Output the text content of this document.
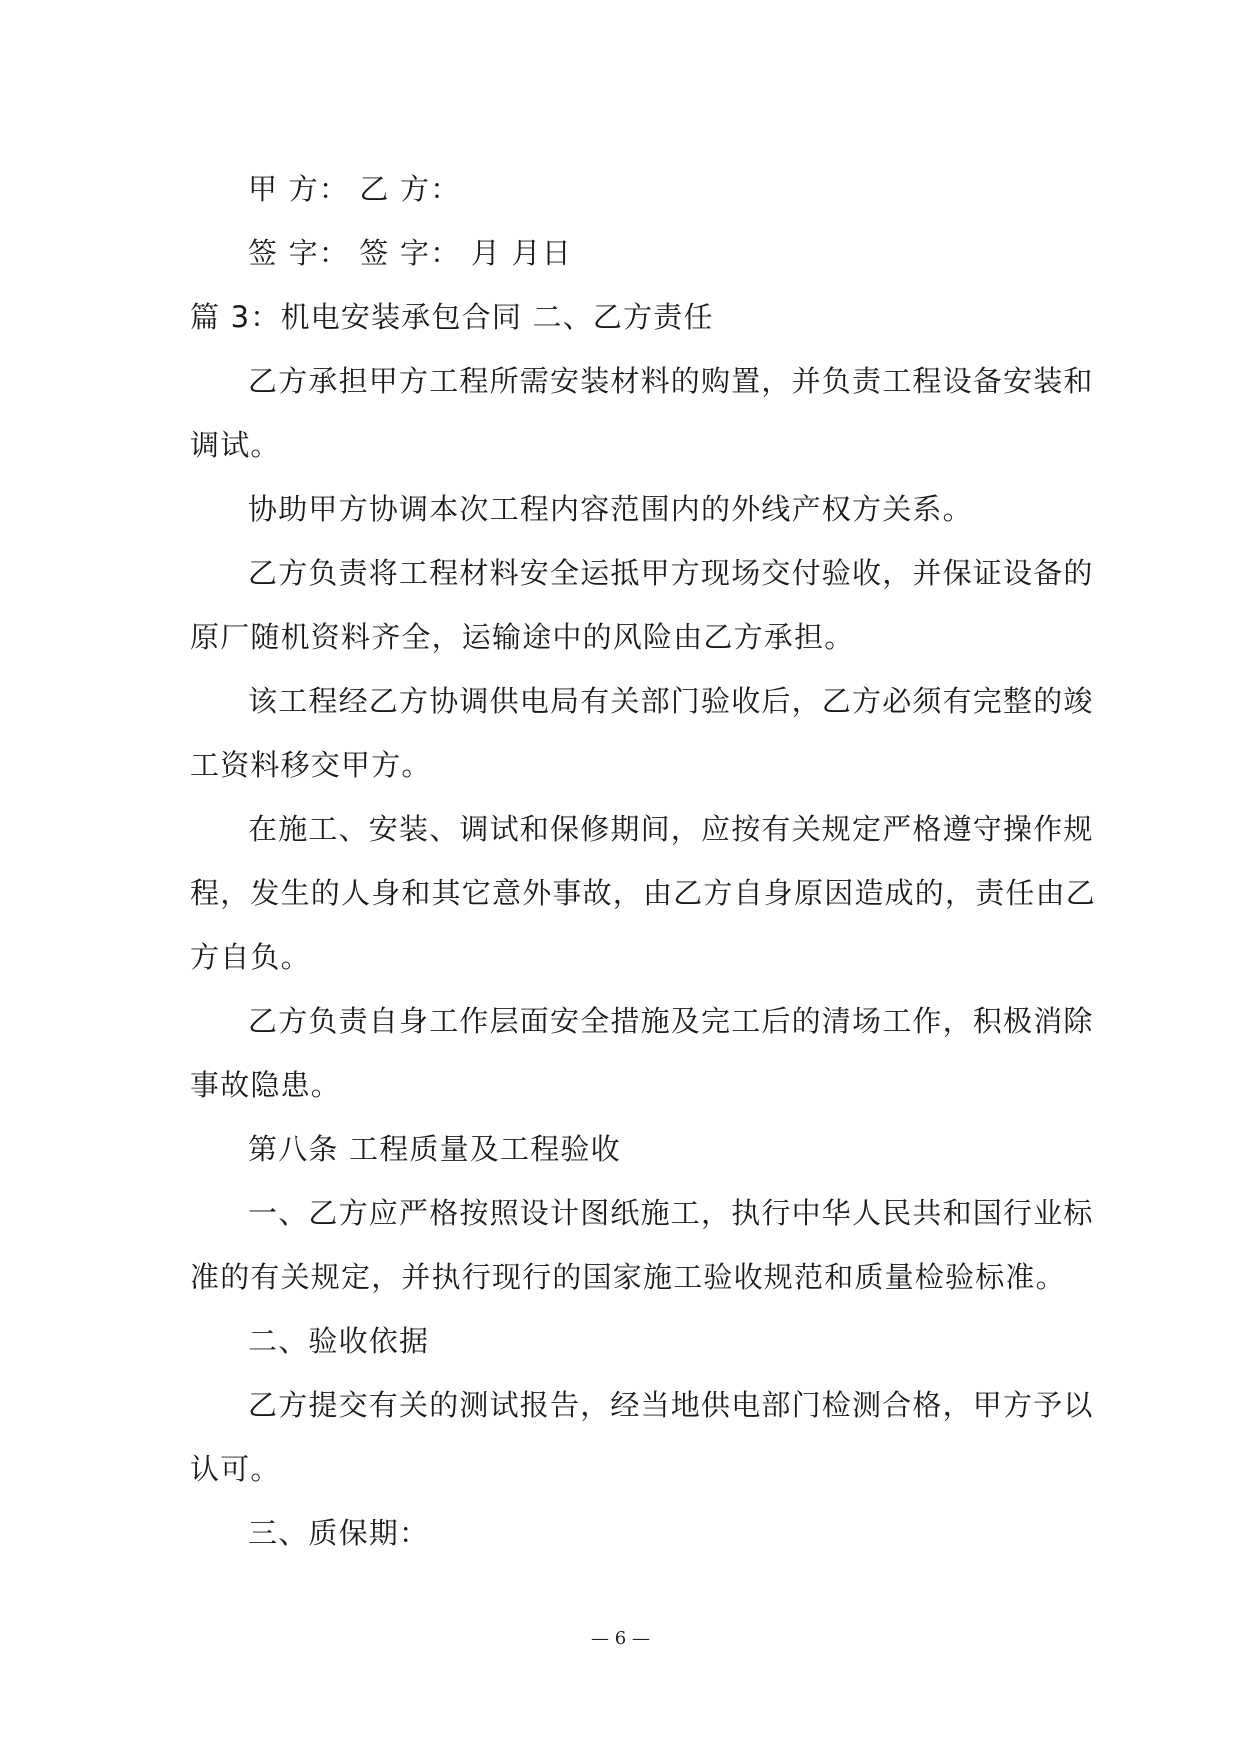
甲 方： 乙 方：
签 字： 签 字： 月 月日
篇 3：机电安装承包合同 二、乙方责任
乙方承担甲方工程所需安装材料的购置，并负责工程设备安装和
调试。
协助甲方协调本次工程内容范围内的外线产权方关系。
乙方负责将工程材料安全运抵甲方现场交付验收，并保证设备的
原厂随机资料齐全，运输途中的风险由乙方承担。
该工程经乙方协调供电局有关部门验收后，乙方必须有完整的竣
工资料移交甲方。
在施工、安装、调试和保修期间，应按有关规定严格遵守操作规
程，发生的人身和其它意外事故，由乙方自身原因造成的，责任由乙
方自负。
乙方负责自身工作层面安全措施及完工后的清场工作，积极消除
事故隐患。
第八条 工程质量及工程验收
一、乙方应严格按照设计图纸施工，执行中华人民共和国行业标
准的有关规定，并执行现行的国家施工验收规范和质量检验标准。
二、验收依据
乙方提交有关的测试报告，经当地供电部门检测合格，甲方予以
认可。
三、质保期：
— 6 —
